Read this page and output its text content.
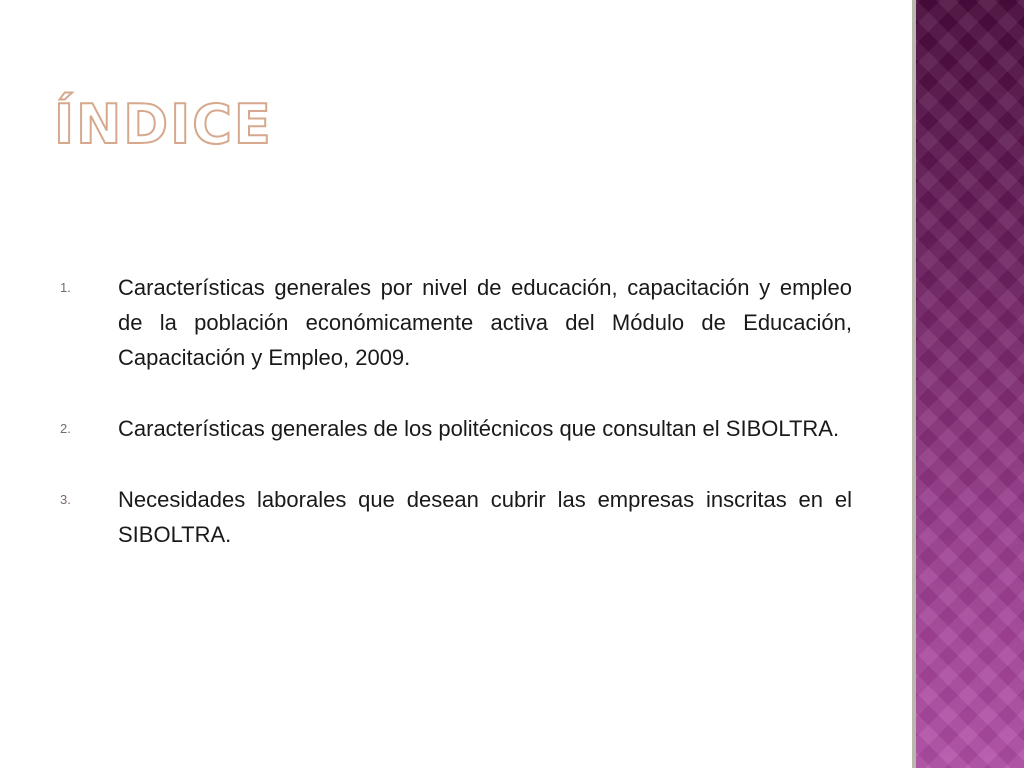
ÍNDICE
1.	Características generales por nivel de educación, capacitación y empleo de la población económicamente activa del Módulo de Educación, Capacitación y Empleo, 2009.
2.	Características generales de los politécnicos que consultan el SIBOLTRA.
3.	Necesidades laborales que desean cubrir las empresas inscritas en el SIBOLTRA.
